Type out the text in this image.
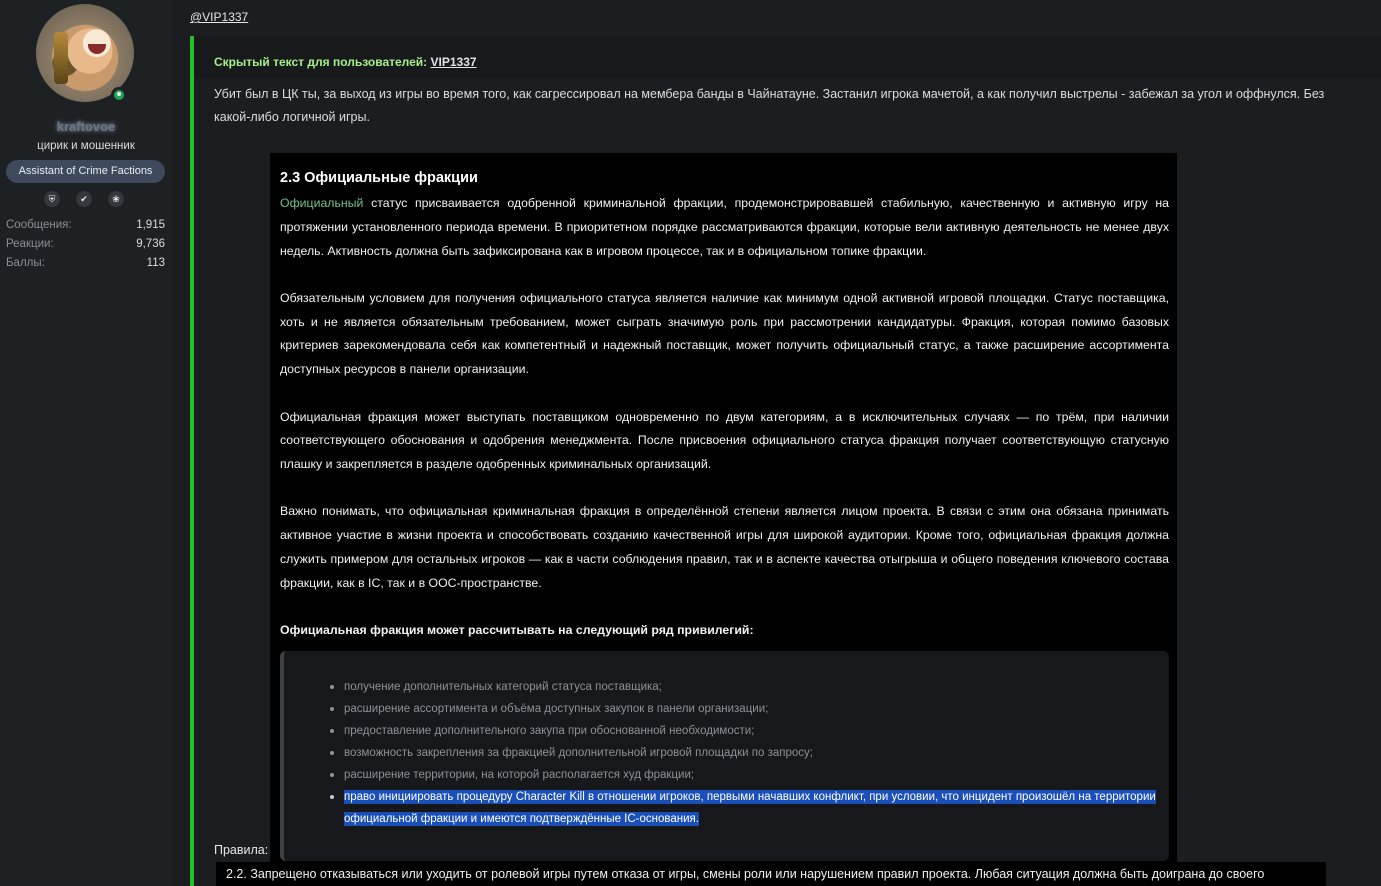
kraftovoe
цирик и мошенник
Assistant of Crime Factions
⛨	✔	❀
Сообщения:	1,915
Реакции:	9,736
Баллы:	113
@VIP1337
Скрытый текст для пользователей: VIP1337
Убит был в ЦК ты, за выход из игры во время того, как сагрессировал на мембера банды в Чайнатауне. Застанил игрока мачетой, а как получил выстрелы - забежал за угол и оффнулся. Без какой-либо логичной игры.
2.3 Официальные фракции

Официальный статус присваивается одобренной криминальной фракции, продемонстрировавшей стабильную, качественную и активную игру на протяжении установленного периода времени. В приоритетном порядке рассматриваются фракции, которые вели активную деятельность не менее двух недель. Активность должна быть зафиксирована как в игровом процессе, так и в официальном топике фракции.

Обязательным условием для получения официального статуса является наличие как минимум одной активной игровой площадки. Статус поставщика, хоть и не является обязательным требованием, может сыграть значимую роль при рассмотрении кандидатуры. Фракция, которая помимо базовых критериев зарекомендовала себя как компетентный и надежный поставщик, может получить официальный статус, а также расширение ассортимента доступных ресурсов в панели организации.

Официальная фракция может выступать поставщиком одновременно по двум категориям, а в исключительных случаях — по трём, при наличии соответствующего обоснования и одобрения менеджмента. После присвоения официального статуса фракция получает соответствующую статусную плашку и закрепляется в разделе одобренных криминальных организаций.

Важно понимать, что официальная криминальная фракция в определённой степени является лицом проекта. В связи с этим она обязана принимать активное участие в жизни проекта и способствовать созданию качественной игры для широкой аудитории. Кроме того, официальная фракция должна служить примером для остальных игроков — как в части соблюдения правил, так и в аспекте качества отыгрыша и общего поведения ключевого состава фракции, как в IC, так и в OOC-пространстве.

Официальная фракция может рассчитывать на следующий ряд привилегий:
получение дополнительных категорий статуса поставщика;
расширение ассортимента и объёма доступных закупок в панели организации;
предоставление дополнительного закупа при обоснованной необходимости;
возможность закрепления за фракцией дополнительной игровой площадки по запросу;
расширение территории, на которой располагается худ фракции;
право инициировать процедуру Character Kill в отношении игроков, первыми начавших конфликт, при условии, что инцидент произошёл на территории официальной фракции и имеются подтверждённые IC-основания.
Правила:
2.2. Запрещено отказываться или уходить от ролевой игры путем отказа от игры, смены роли или нарушением правил проекта. Любая ситуация должна быть доиграна до своего
